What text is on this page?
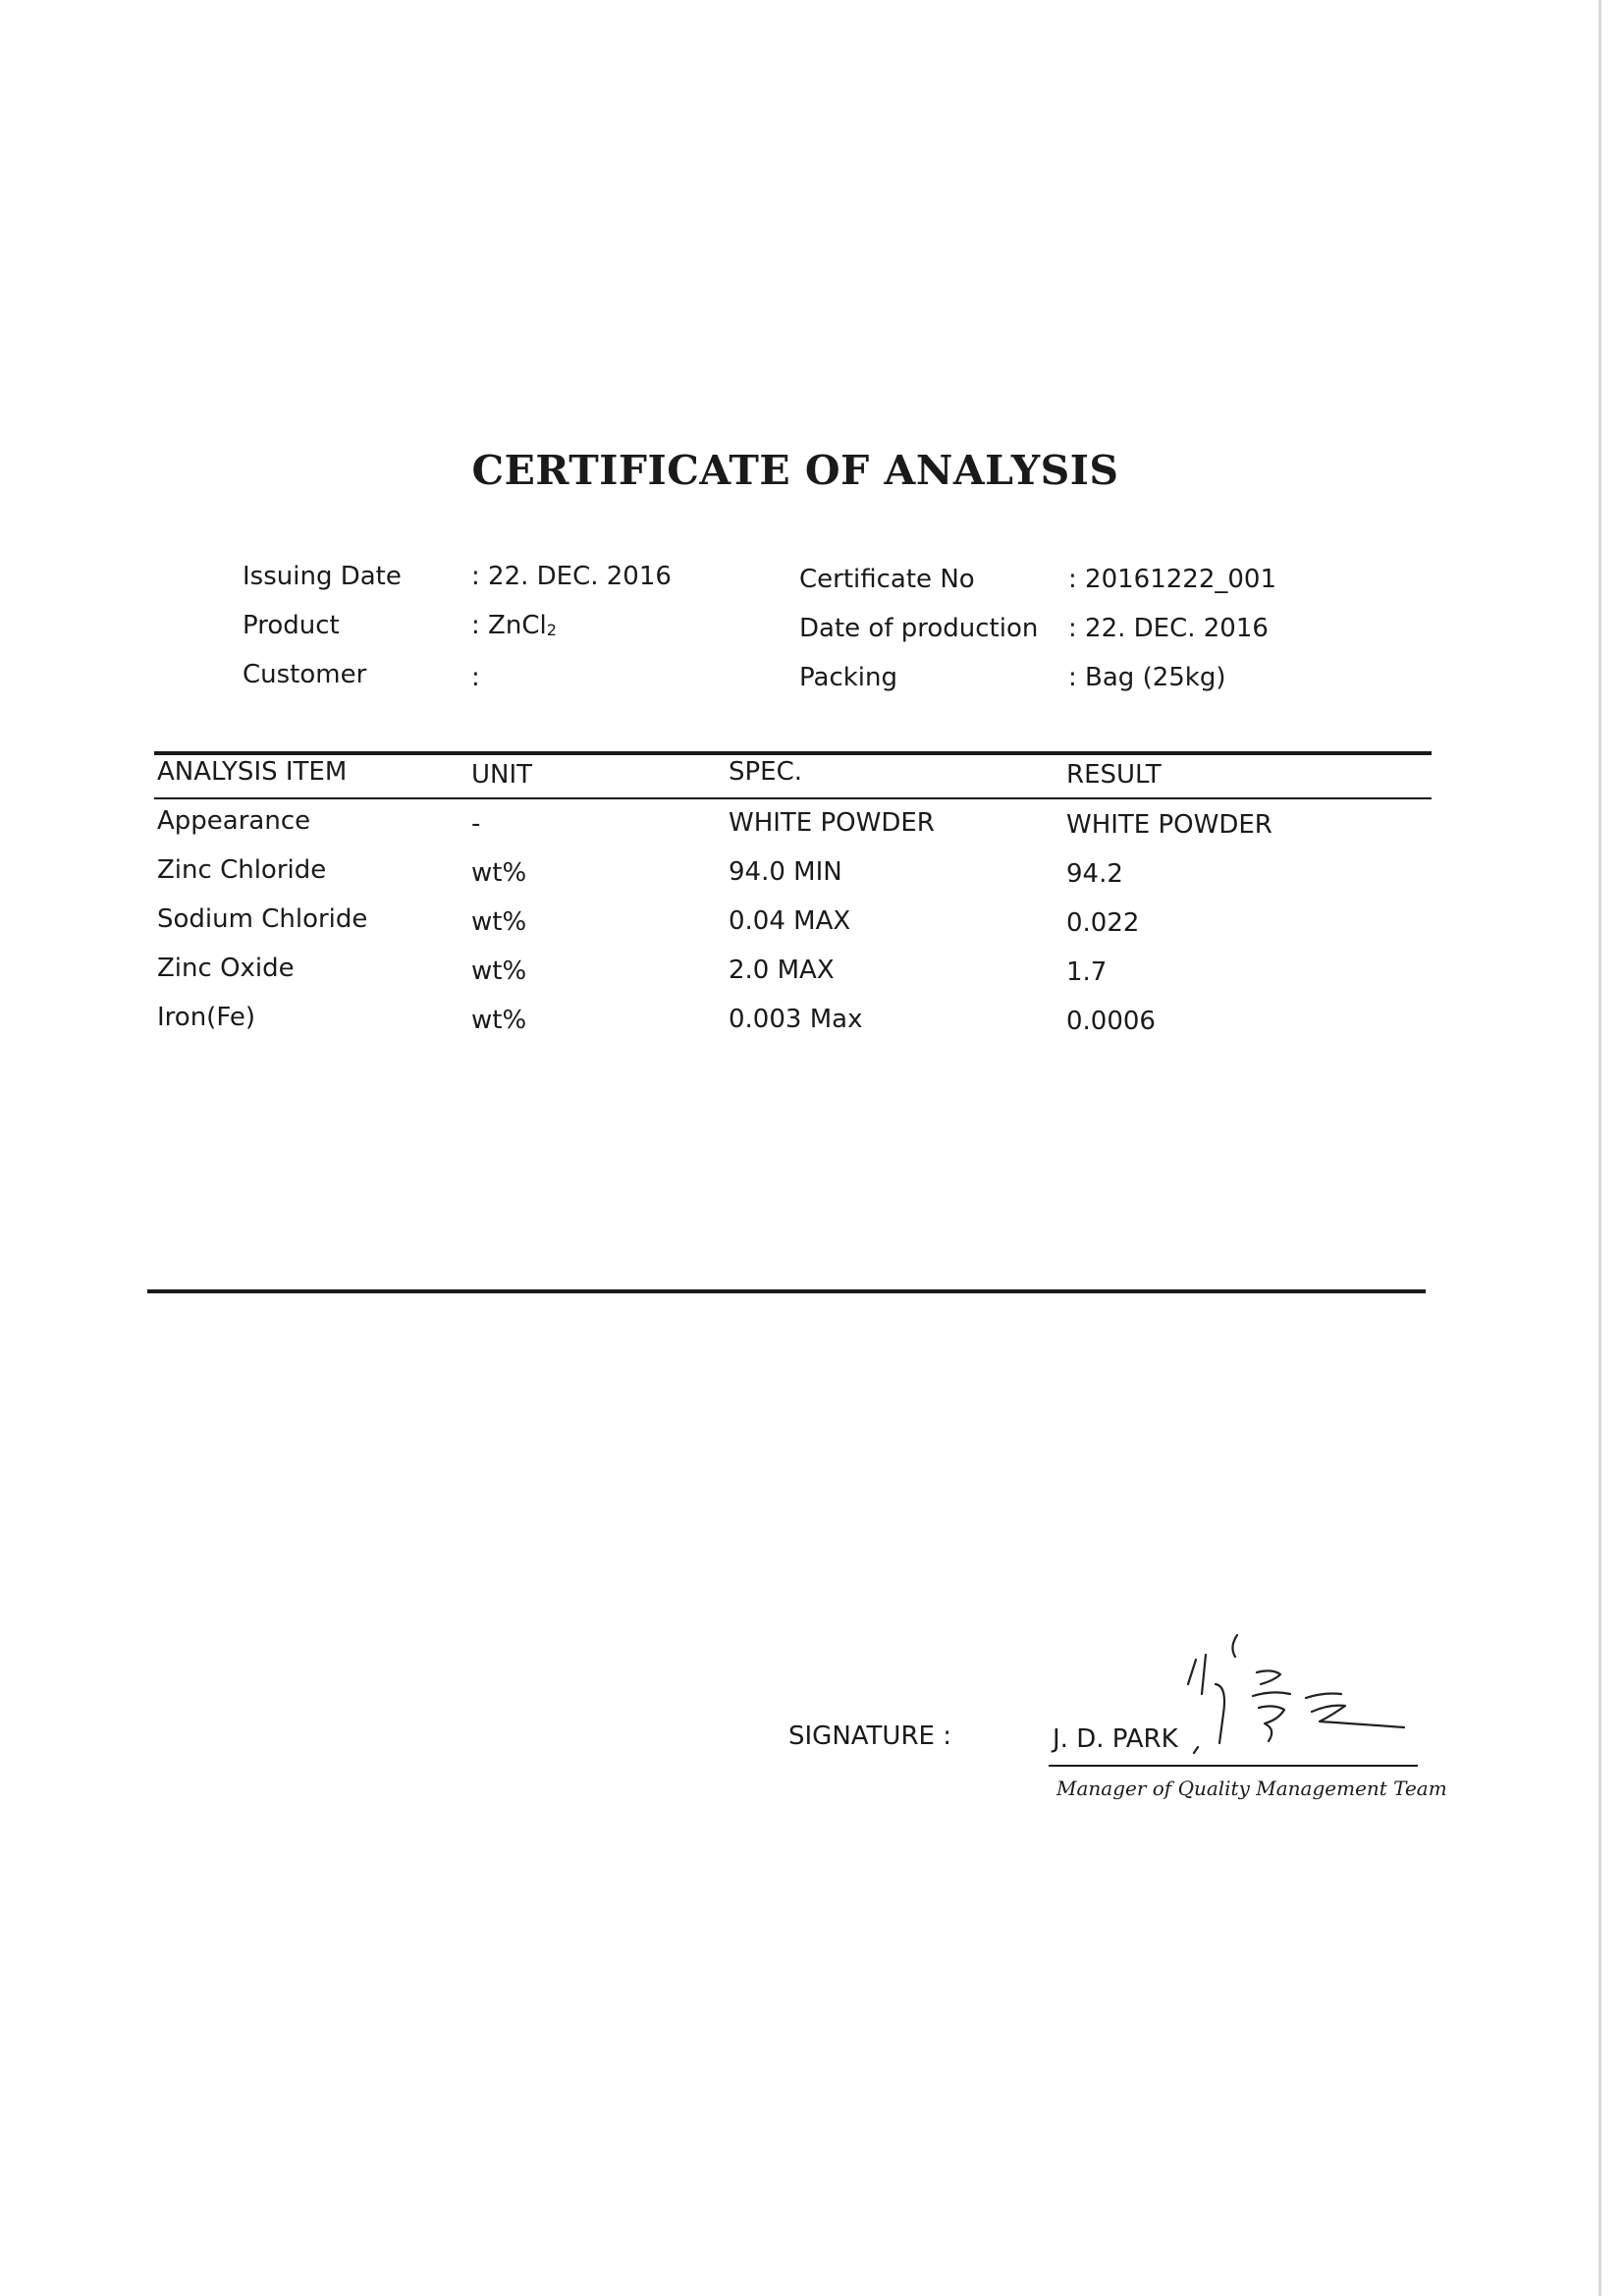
CERTIFICATE OF ANALYSIS
Issuing Date	: 22. DEC. 2016	Certificate No	: 20161222_001
Product	: ZnCl2	Date of production : 22. DEC. 2016
Customer	:	Packing	: Bag (25kg)
ANALYSIS ITEM	UNIT	SPEC.	RESULT
Appearance	-	WHITE POWDER	WHITE POWDER
Zinc Chloride	wt%	94.0 MIN	94.2
Sodium Chloride	wt%	0.04 MAX	0.022
Zinc Oxide	wt%	2.0 MAX	1.7
Iron(Fe)	wt%	0.003 Max	0.0006
SIGNATURE :	J. D. PARK
Manager of Quality Management Team
